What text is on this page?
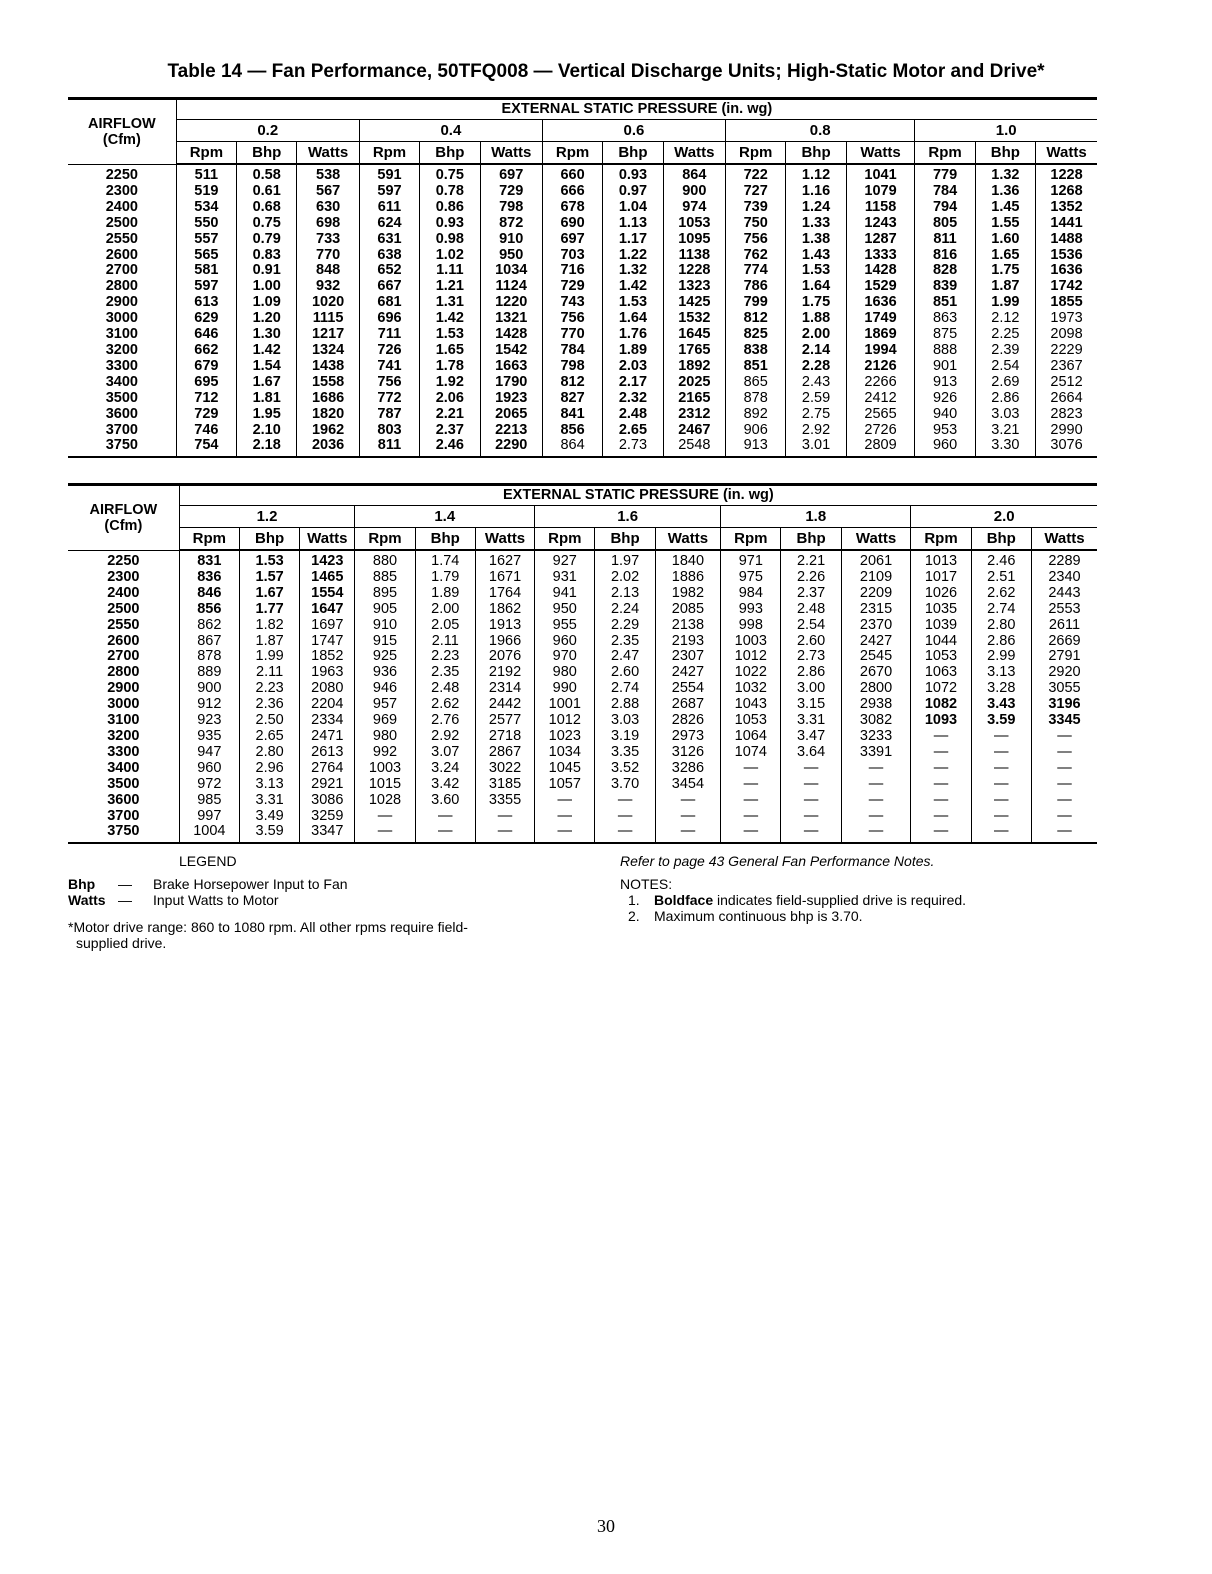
Table 14 — Fan Performance, 50TFQ008 — Vertical Discharge Units; High-Static Motor and Drive*
AIRFLOW
(Cfm)	EXTERNAL STATIC PRESSURE (in. wg)														
	0.2			0.4			0.6			0.8			1.0		
	Rpm	Bhp	Watts	Rpm	Bhp	Watts	Rpm	Bhp	Watts	Rpm	Bhp	Watts	Rpm	Bhp	Watts
2250	511	0.58	538	591	0.75	697	660	0.93	864	722	1.12	1041	779	1.32	1228
2300	519	0.61	567	597	0.78	729	666	0.97	900	727	1.16	1079	784	1.36	1268
2400	534	0.68	630	611	0.86	798	678	1.04	974	739	1.24	1158	794	1.45	1352
2500	550	0.75	698	624	0.93	872	690	1.13	1053	750	1.33	1243	805	1.55	1441
2550	557	0.79	733	631	0.98	910	697	1.17	1095	756	1.38	1287	811	1.60	1488
2600	565	0.83	770	638	1.02	950	703	1.22	1138	762	1.43	1333	816	1.65	1536
2700	581	0.91	848	652	1.11	1034	716	1.32	1228	774	1.53	1428	828	1.75	1636
2800	597	1.00	932	667	1.21	1124	729	1.42	1323	786	1.64	1529	839	1.87	1742
2900	613	1.09	1020	681	1.31	1220	743	1.53	1425	799	1.75	1636	851	1.99	1855
3000	629	1.20	1115	696	1.42	1321	756	1.64	1532	812	1.88	1749	863	2.12	1973
3100	646	1.30	1217	711	1.53	1428	770	1.76	1645	825	2.00	1869	875	2.25	2098
3200	662	1.42	1324	726	1.65	1542	784	1.89	1765	838	2.14	1994	888	2.39	2229
3300	679	1.54	1438	741	1.78	1663	798	2.03	1892	851	2.28	2126	901	2.54	2367
3400	695	1.67	1558	756	1.92	1790	812	2.17	2025	865	2.43	2266	913	2.69	2512
3500	712	1.81	1686	772	2.06	1923	827	2.32	2165	878	2.59	2412	926	2.86	2664
3600	729	1.95	1820	787	2.21	2065	841	2.48	2312	892	2.75	2565	940	3.03	2823
3700	746	2.10	1962	803	2.37	2213	856	2.65	2467	906	2.92	2726	953	3.21	2990
3750	754	2.18	2036	811	2.46	2290	864	2.73	2548	913	3.01	2809	960	3.30	3076
AIRFLOW
(Cfm)	EXTERNAL STATIC PRESSURE (in. wg)														
	1.2			1.4			1.6			1.8			2.0		
	Rpm	Bhp	Watts	Rpm	Bhp	Watts	Rpm	Bhp	Watts	Rpm	Bhp	Watts	Rpm	Bhp	Watts
2250	831	1.53	1423	880	1.74	1627	927	1.97	1840	971	2.21	2061	1013	2.46	2289
2300	836	1.57	1465	885	1.79	1671	931	2.02	1886	975	2.26	2109	1017	2.51	2340
2400	846	1.67	1554	895	1.89	1764	941	2.13	1982	984	2.37	2209	1026	2.62	2443
2500	856	1.77	1647	905	2.00	1862	950	2.24	2085	993	2.48	2315	1035	2.74	2553
2550	862	1.82	1697	910	2.05	1913	955	2.29	2138	998	2.54	2370	1039	2.80	2611
2600	867	1.87	1747	915	2.11	1966	960	2.35	2193	1003	2.60	2427	1044	2.86	2669
2700	878	1.99	1852	925	2.23	2076	970	2.47	2307	1012	2.73	2545	1053	2.99	2791
2800	889	2.11	1963	936	2.35	2192	980	2.60	2427	1022	2.86	2670	1063	3.13	2920
2900	900	2.23	2080	946	2.48	2314	990	2.74	2554	1032	3.00	2800	1072	3.28	3055
3000	912	2.36	2204	957	2.62	2442	1001	2.88	2687	1043	3.15	2938	1082	3.43	3196
3100	923	2.50	2334	969	2.76	2577	1012	3.03	2826	1053	3.31	3082	1093	3.59	3345
3200	935	2.65	2471	980	2.92	2718	1023	3.19	2973	1064	3.47	3233	—	—	—
3300	947	2.80	2613	992	3.07	2867	1034	3.35	3126	1074	3.64	3391	—	—	—
3400	960	2.96	2764	1003	3.24	3022	1045	3.52	3286	—	—	—	—	—	—
3500	972	3.13	2921	1015	3.42	3185	1057	3.70	3454	—	—	—	—	—	—
3600	985	3.31	3086	1028	3.60	3355	—	—	—	—	—	—	—	—	—
3700	997	3.49	3259	—	—	—	—	—	—	—	—	—	—	—	—
3750	1004	3.59	3347	—	—	—	—	—	—	—	—	—	—	—	—
LEGEND
Bhp — Brake Horsepower Input to Fan
Watts — Input Watts to Motor
*Motor drive range: 860 to 1080 rpm. All other rpms require field-
supplied drive.
Refer to page 43 General Fan Performance Notes.
NOTES:
1. Boldface indicates field-supplied drive is required.
2. Maximum continuous bhp is 3.70.
30
